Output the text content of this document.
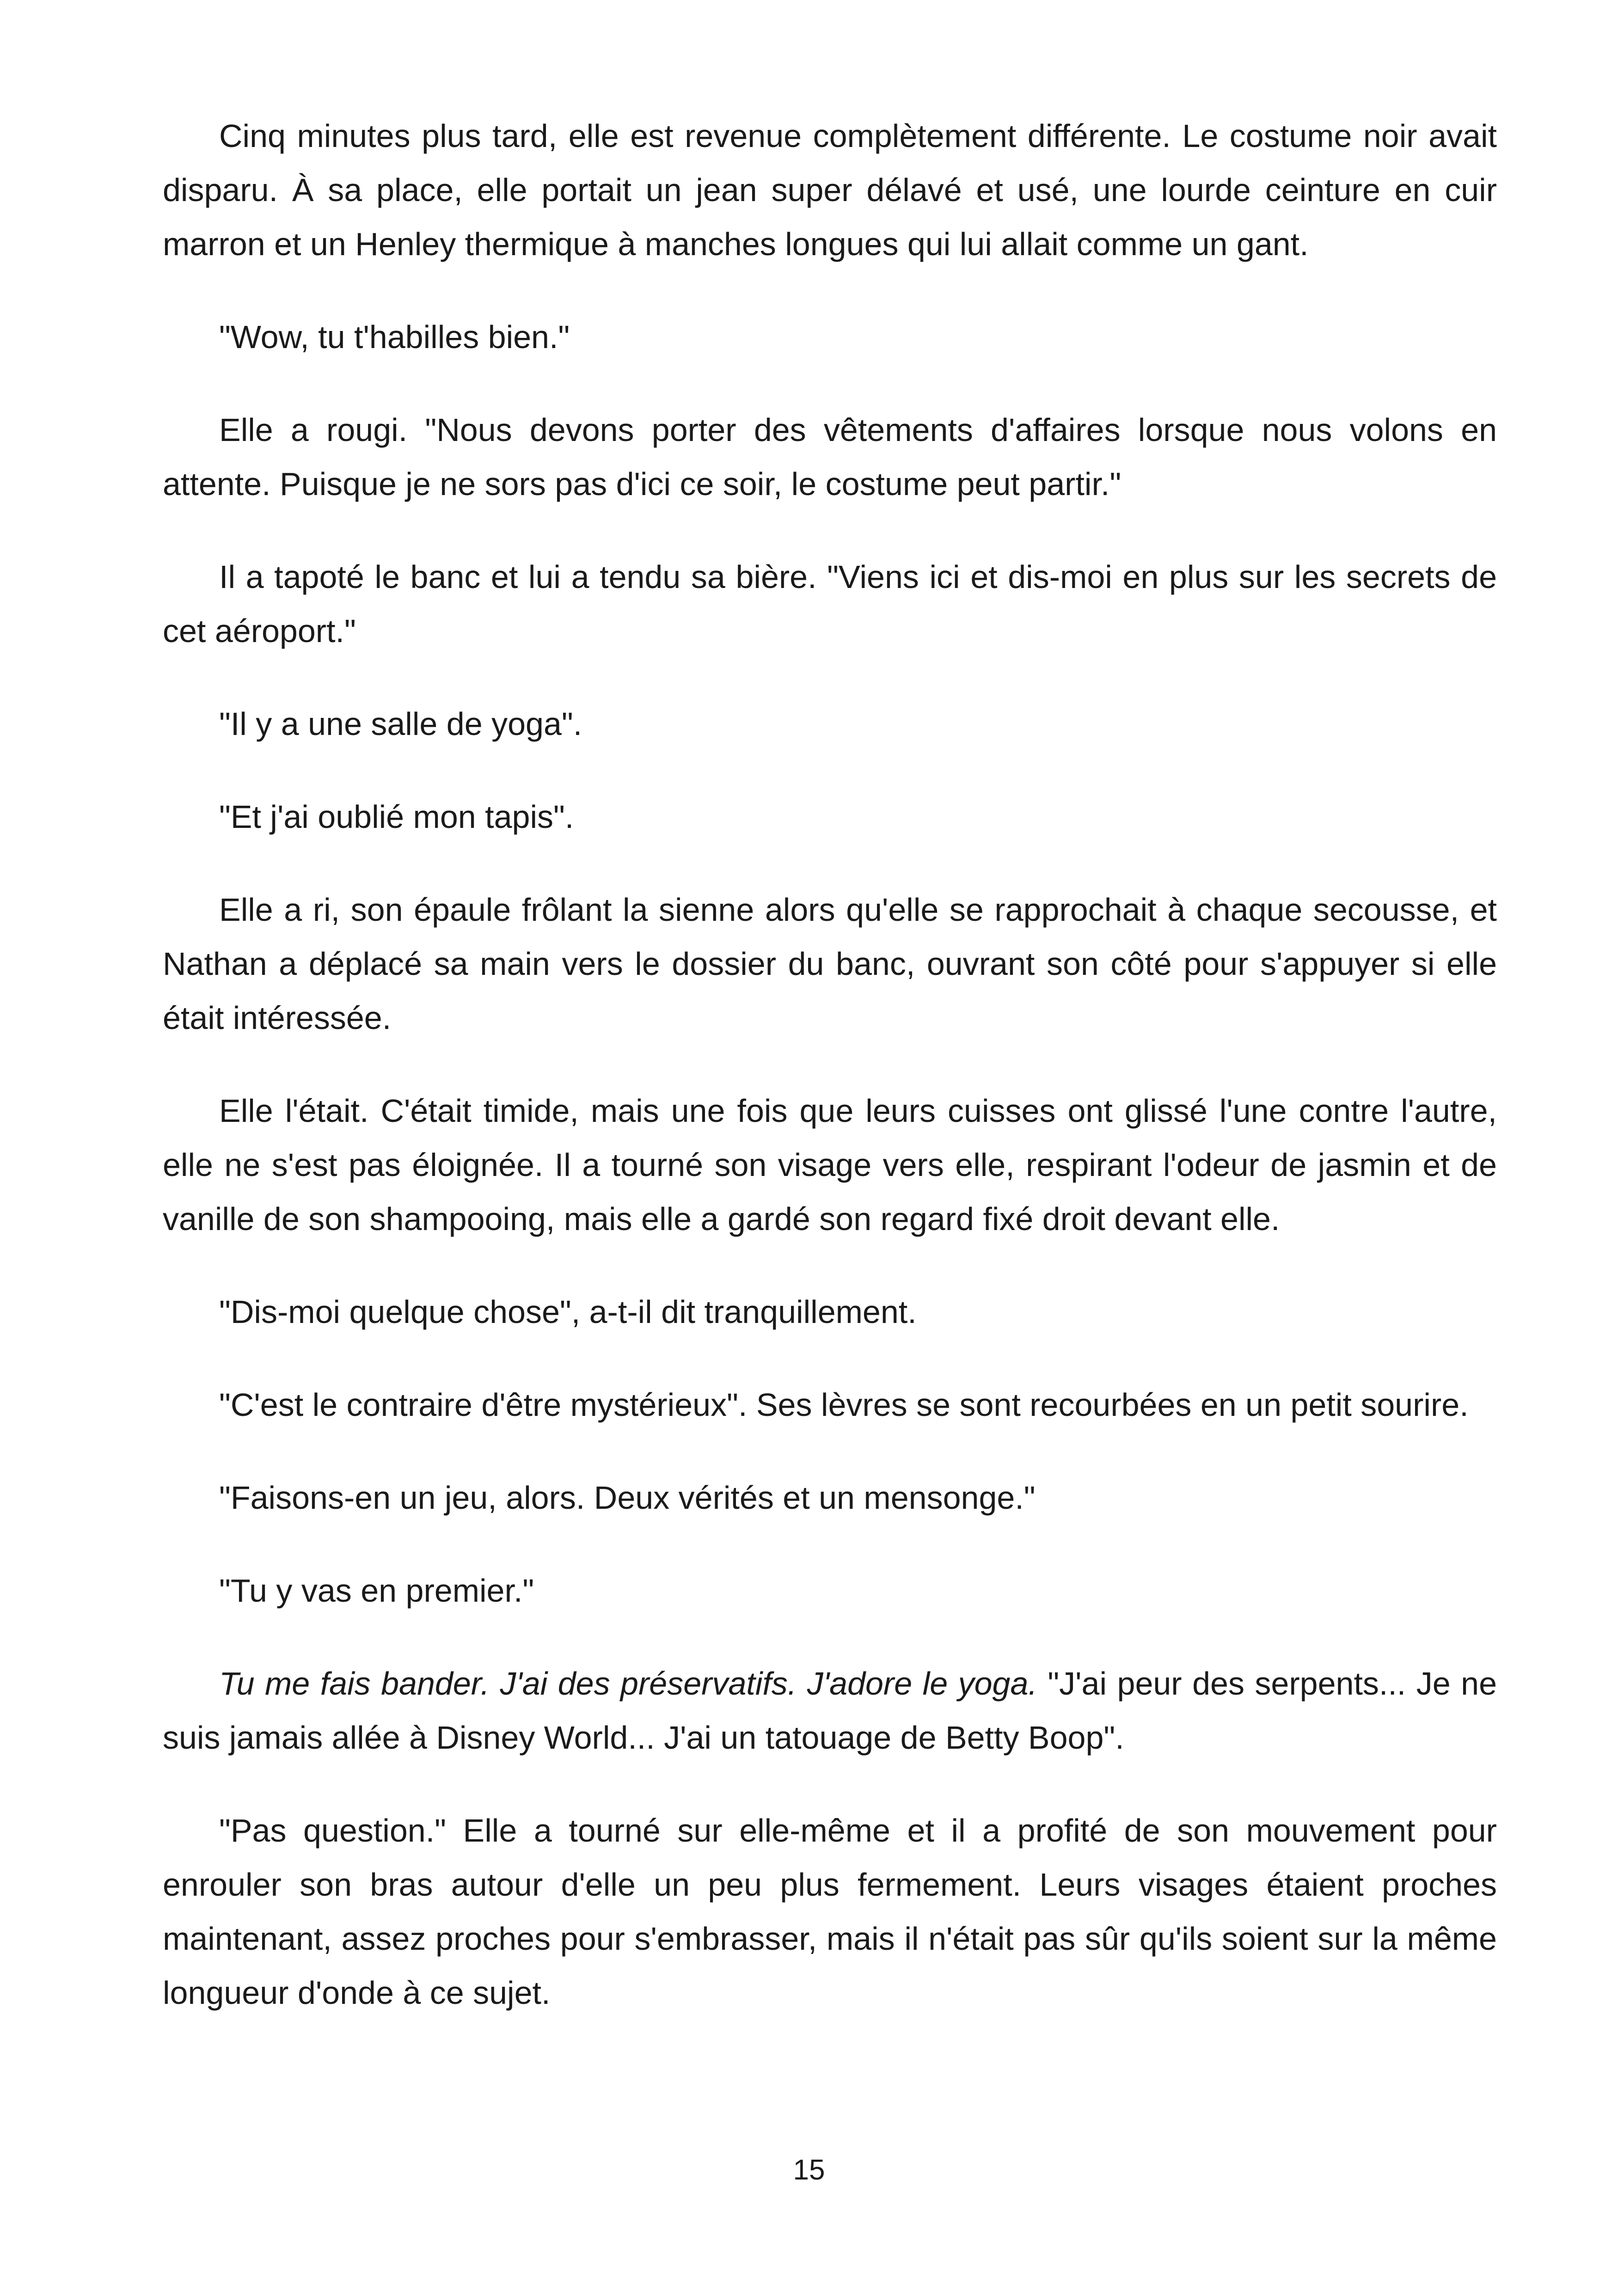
Cinq minutes plus tard, elle est revenue complètement différente. Le costume noir avait disparu. À sa place, elle portait un jean super délavé et usé, une lourde ceinture en cuir marron et un Henley thermique à manches longues qui lui allait comme un gant.

"Wow, tu t'habilles bien."

Elle a rougi. "Nous devons porter des vêtements d'affaires lorsque nous volons en attente. Puisque je ne sors pas d'ici ce soir, le costume peut partir."

Il a tapoté le banc et lui a tendu sa bière. "Viens ici et dis-moi en plus sur les secrets de cet aéroport."

"Il y a une salle de yoga".

"Et j'ai oublié mon tapis".

Elle a ri, son épaule frôlant la sienne alors qu'elle se rapprochait à chaque secousse, et Nathan a déplacé sa main vers le dossier du banc, ouvrant son côté pour s'appuyer si elle était intéressée.

Elle l'était. C'était timide, mais une fois que leurs cuisses ont glissé l'une contre l'autre, elle ne s'est pas éloignée. Il a tourné son visage vers elle, respirant l'odeur de jasmin et de vanille de son shampooing, mais elle a gardé son regard fixé droit devant elle.

"Dis-moi quelque chose", a-t-il dit tranquillement.

"C'est le contraire d'être mystérieux". Ses lèvres se sont recourbées en un petit sourire.

"Faisons-en un jeu, alors. Deux vérités et un mensonge."

"Tu y vas en premier."

Tu me fais bander. J'ai des préservatifs. J'adore le yoga. "J'ai peur des serpents... Je ne suis jamais allée à Disney World... J'ai un tatouage de Betty Boop".

"Pas question." Elle a tourné sur elle-même et il a profité de son mouvement pour enrouler son bras autour d'elle un peu plus fermement. Leurs visages étaient proches maintenant, assez proches pour s'embrasser, mais il n'était pas sûr qu'ils soient sur la même longueur d'onde à ce sujet.

15
